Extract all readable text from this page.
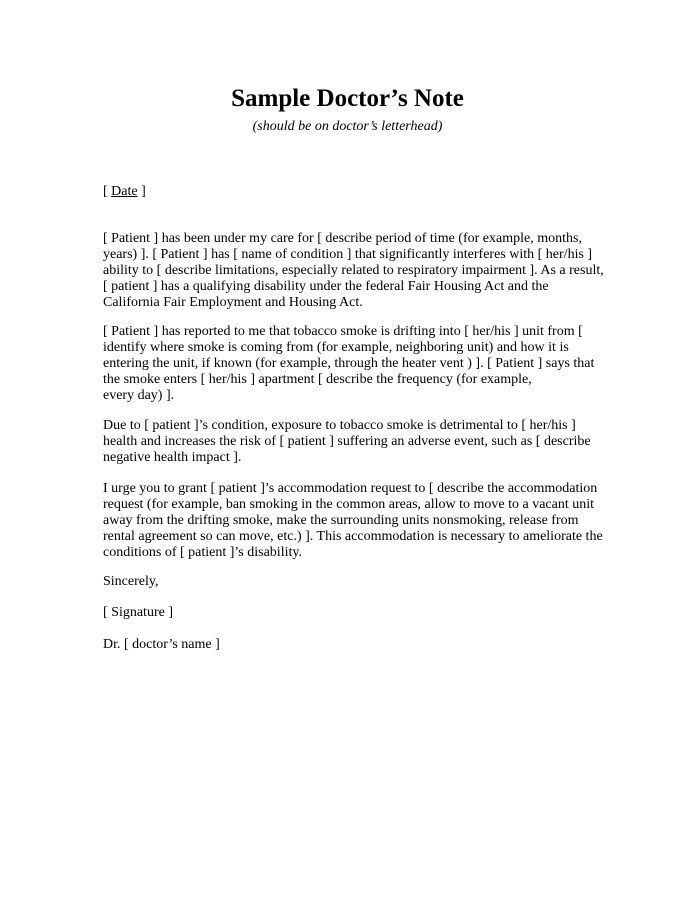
Sample Doctor’s Note

(should be on doctor’s letterhead)

[ Date ]

[ Patient ] has been under my care for [ describe period of time (for example, months,
years) ]. [ Patient ] has [ name of condition ] that significantly interferes with [ her/his ]
ability to [ describe limitations, especially related to respiratory impairment ]. As a result,
[ patient ] has a qualifying disability under the federal Fair Housing Act and the
California Fair Employment and Housing Act.

[ Patient ] has reported to me that tobacco smoke is drifting into [ her/his ] unit from [
identify where smoke is coming from (for example, neighboring unit) and how it is
entering the unit, if known (for example, through the heater vent ) ]. [ Patient ] says that
the smoke enters [ her/his ] apartment [ describe the frequency (for example,
every day) ].

Due to [ patient ]’s condition, exposure to tobacco smoke is detrimental to [ her/his ]
health and increases the risk of [ patient ] suffering an adverse event, such as [ describe
negative health impact ].

I urge you to grant [ patient ]’s accommodation request to [ describe the accommodation
request (for example, ban smoking in the common areas, allow to move to a vacant unit
away from the drifting smoke, make the surrounding units nonsmoking, release from
rental agreement so can move, etc.) ]. This accommodation is necessary to ameliorate the
conditions of [ patient ]’s disability.

Sincerely,

[ Signature ]

Dr. [ doctor’s name ]
